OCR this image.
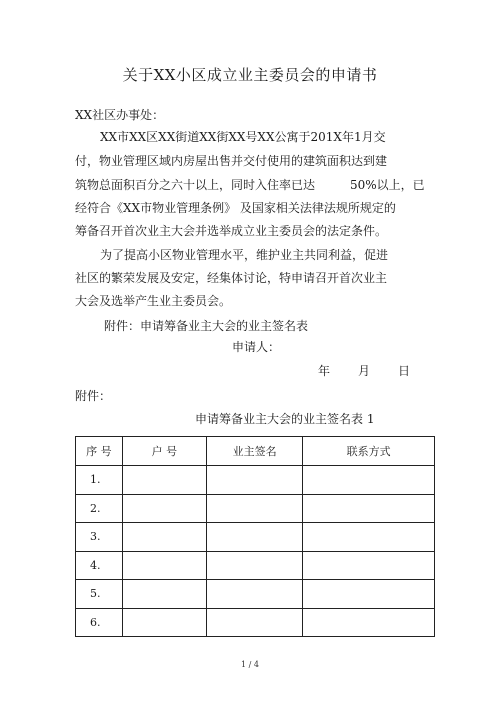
关于XX小区成立业主委员会的申请书
XX社区办事处：
XX市XX区XX街道XX街XX号XX公寓于201X年1月交
付，物业管理区域内房屋出售并交付使用的建筑面积达到建
筑物总面积百分之六十以上，同时入住率已达	50%以上，已
经符合《XX市物业管理条例》 及国家相关法律法规所规定的
筹备召开首次业主大会并选举成立业主委员会的法定条件。
为了提高小区物业管理水平，维护业主共同利益，促进
社区的繁荣发展及安定，经集体讨论，特申请召开首次业主
大会及选举产生业主委员会。
附件：申请筹备业主大会的业主签名表
申请人：
年 月 日
附件：
申请筹备业主大会的业主签名表 1
序 号	户 号	业主签名	联系方式
1.			
2.			
3.			
4.			
5.			
6.			
1 / 4
